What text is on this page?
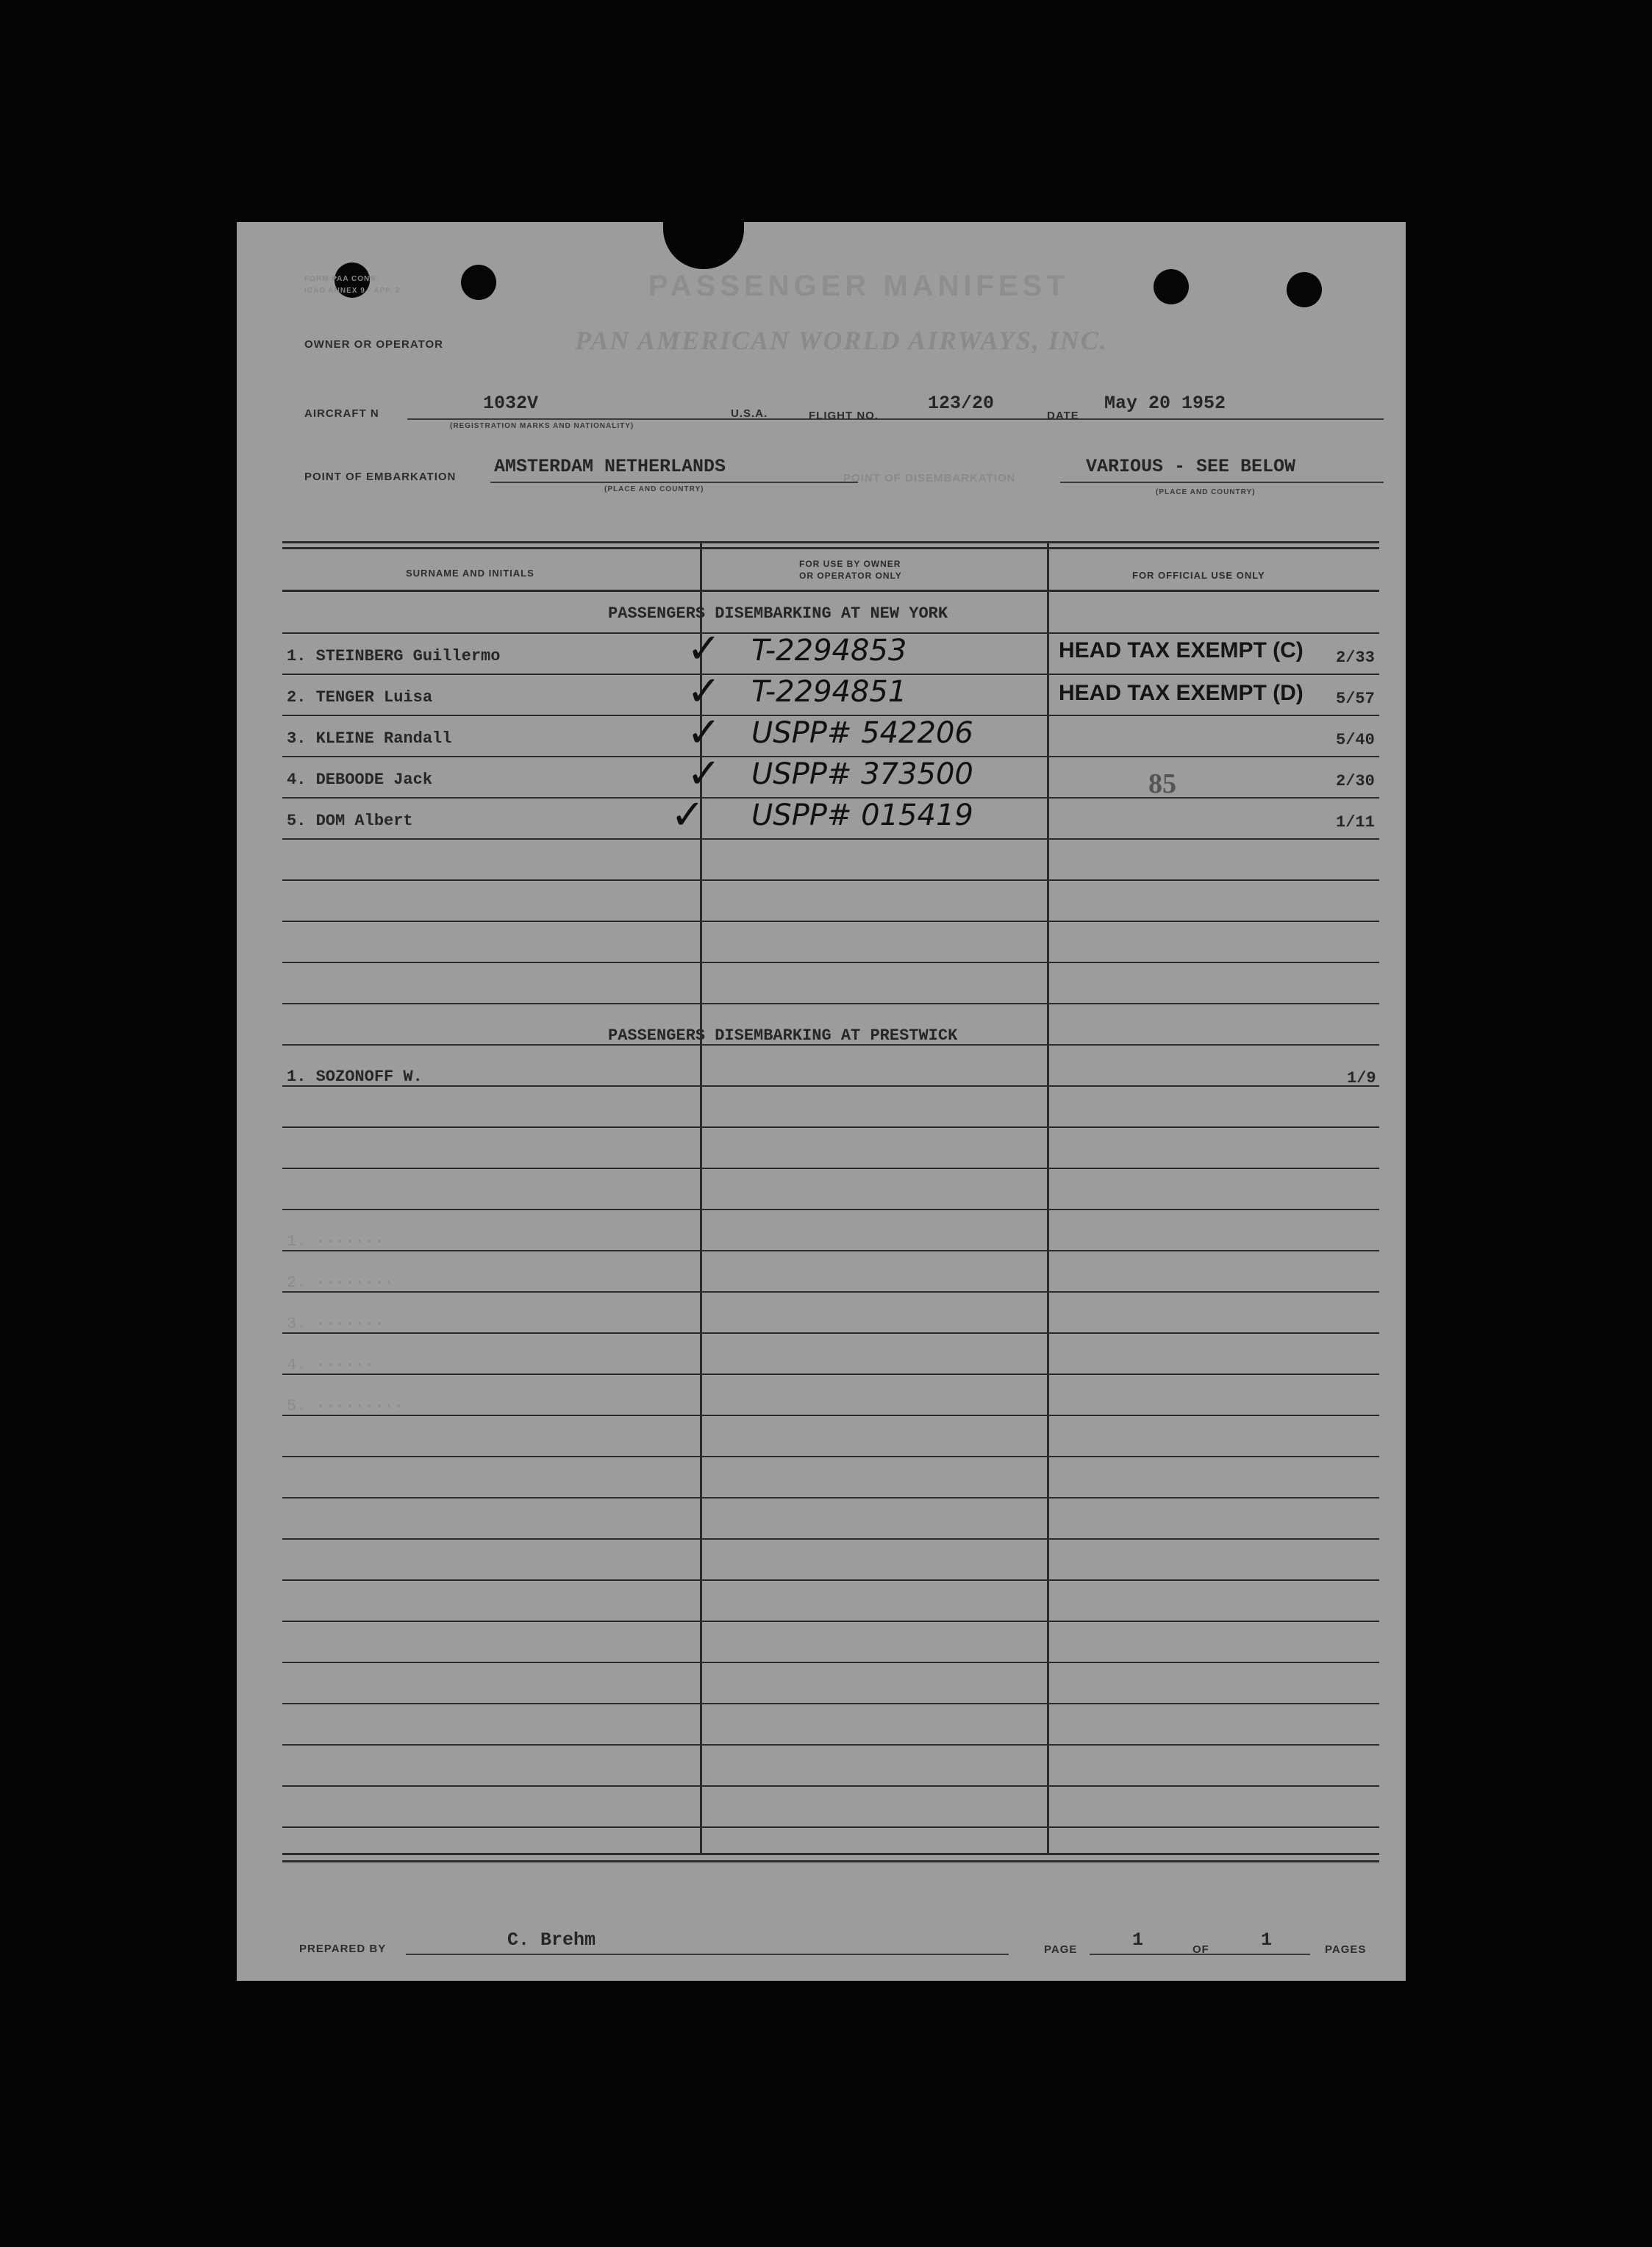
FORM PAA CONN.
ICAO ANNEX 9 - APP. 2	PASSENGER MANIFEST
OWNER OR OPERATOR	PAN AMERICAN WORLD AIRWAYS, INC.
AIRCRAFT N	1032V
(REGISTRATION MARKS AND NATIONALITY)
U.S.A.	FLIGHT NO.
123/20
DATE
May 20 1952
POINT OF EMBARKATION AMSTERDAM NETHERLANDS
(PLACE AND COUNTRY)
POINT OF DISEMBARKATION
VARIOUS - SEE BELOW
(PLACE AND COUNTRY)
SURNAME AND INITIALS
FOR USE BY OWNER
OR OPERATOR ONLY	FOR OFFICIAL USE ONLY
PASSENGERS DISEMBARKING AT NEW YORK
1. STEINBERG Guillermo	✓ T-2294853	HEAD TAX EXEMPT (C) 2/33
2. TENGER Luisa	✓ T-2294851	HEAD TAX EXEMPT (D) 5/57
3. KLEINE Randall	✓ USPP# 542206	5/40
4. DEBOODE Jack	✓ USPP# 373500	85	2/30
5. DOM Albert	✓ USPP# 015419	1/11
PASSENGERS DISEMBARKING AT PRESTWICK
1. SOZONOFF W.	1/9
1. ·······
2. ········
3. ·······
4. ······
5. ·········
PREPARED BY	C. Brehm	PAGE	1	OF	1	PAGES
